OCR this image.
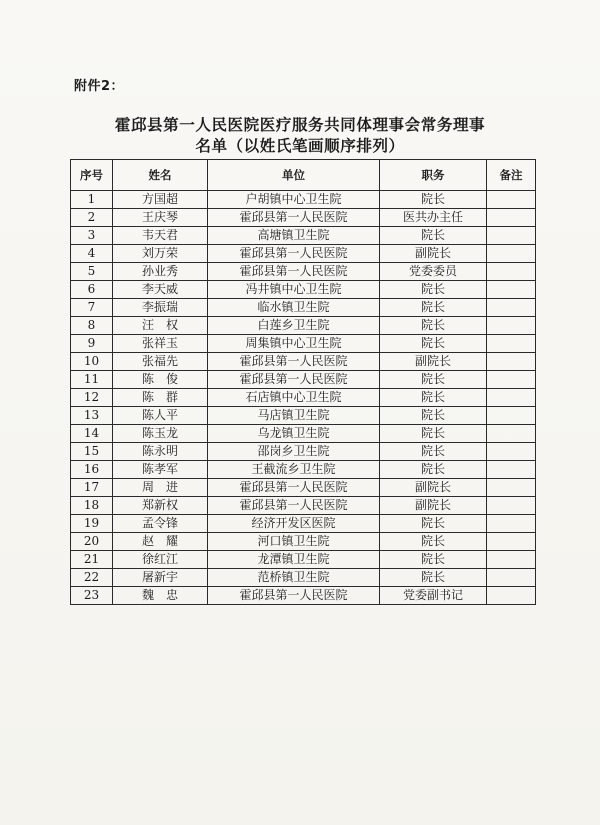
附件2：
霍邱县第一人民医院医疗服务共同体理事会常务理事
名单（以姓氏笔画顺序排列）
序号	姓名	单位	职务	备注
1	方国超	户胡镇中心卫生院	院长	
2	王庆琴	霍邱县第一人民医院	医共办主任	
3	韦天君	高塘镇卫生院	院长	
4	刘万荣	霍邱县第一人民医院	副院长	
5	孙业秀	霍邱县第一人民医院	党委委员	
6	李天威	冯井镇中心卫生院	院长	
7	李振瑞	临水镇卫生院	院长	
8	汪　权	白莲乡卫生院	院长	
9	张祥玉	周集镇中心卫生院	院长	
10	张福先	霍邱县第一人民医院	副院长	
11	陈　俊	霍邱县第一人民医院	院长	
12	陈　群	石店镇中心卫生院	院长	
13	陈人平	马店镇卫生院	院长	
14	陈玉龙	乌龙镇卫生院	院长	
15	陈永明	邵岗乡卫生院	院长	
16	陈孝军	王截流乡卫生院	院长	
17	周　进	霍邱县第一人民医院	副院长	
18	郑新权	霍邱县第一人民医院	副院长	
19	孟令锋	经济开发区医院	院长	
20	赵　耀	河口镇卫生院	院长	
21	徐红江	龙潭镇卫生院	院长	
22	屠新宇	范桥镇卫生院	院长	
23	魏　忠	霍邱县第一人民医院	党委副书记	
